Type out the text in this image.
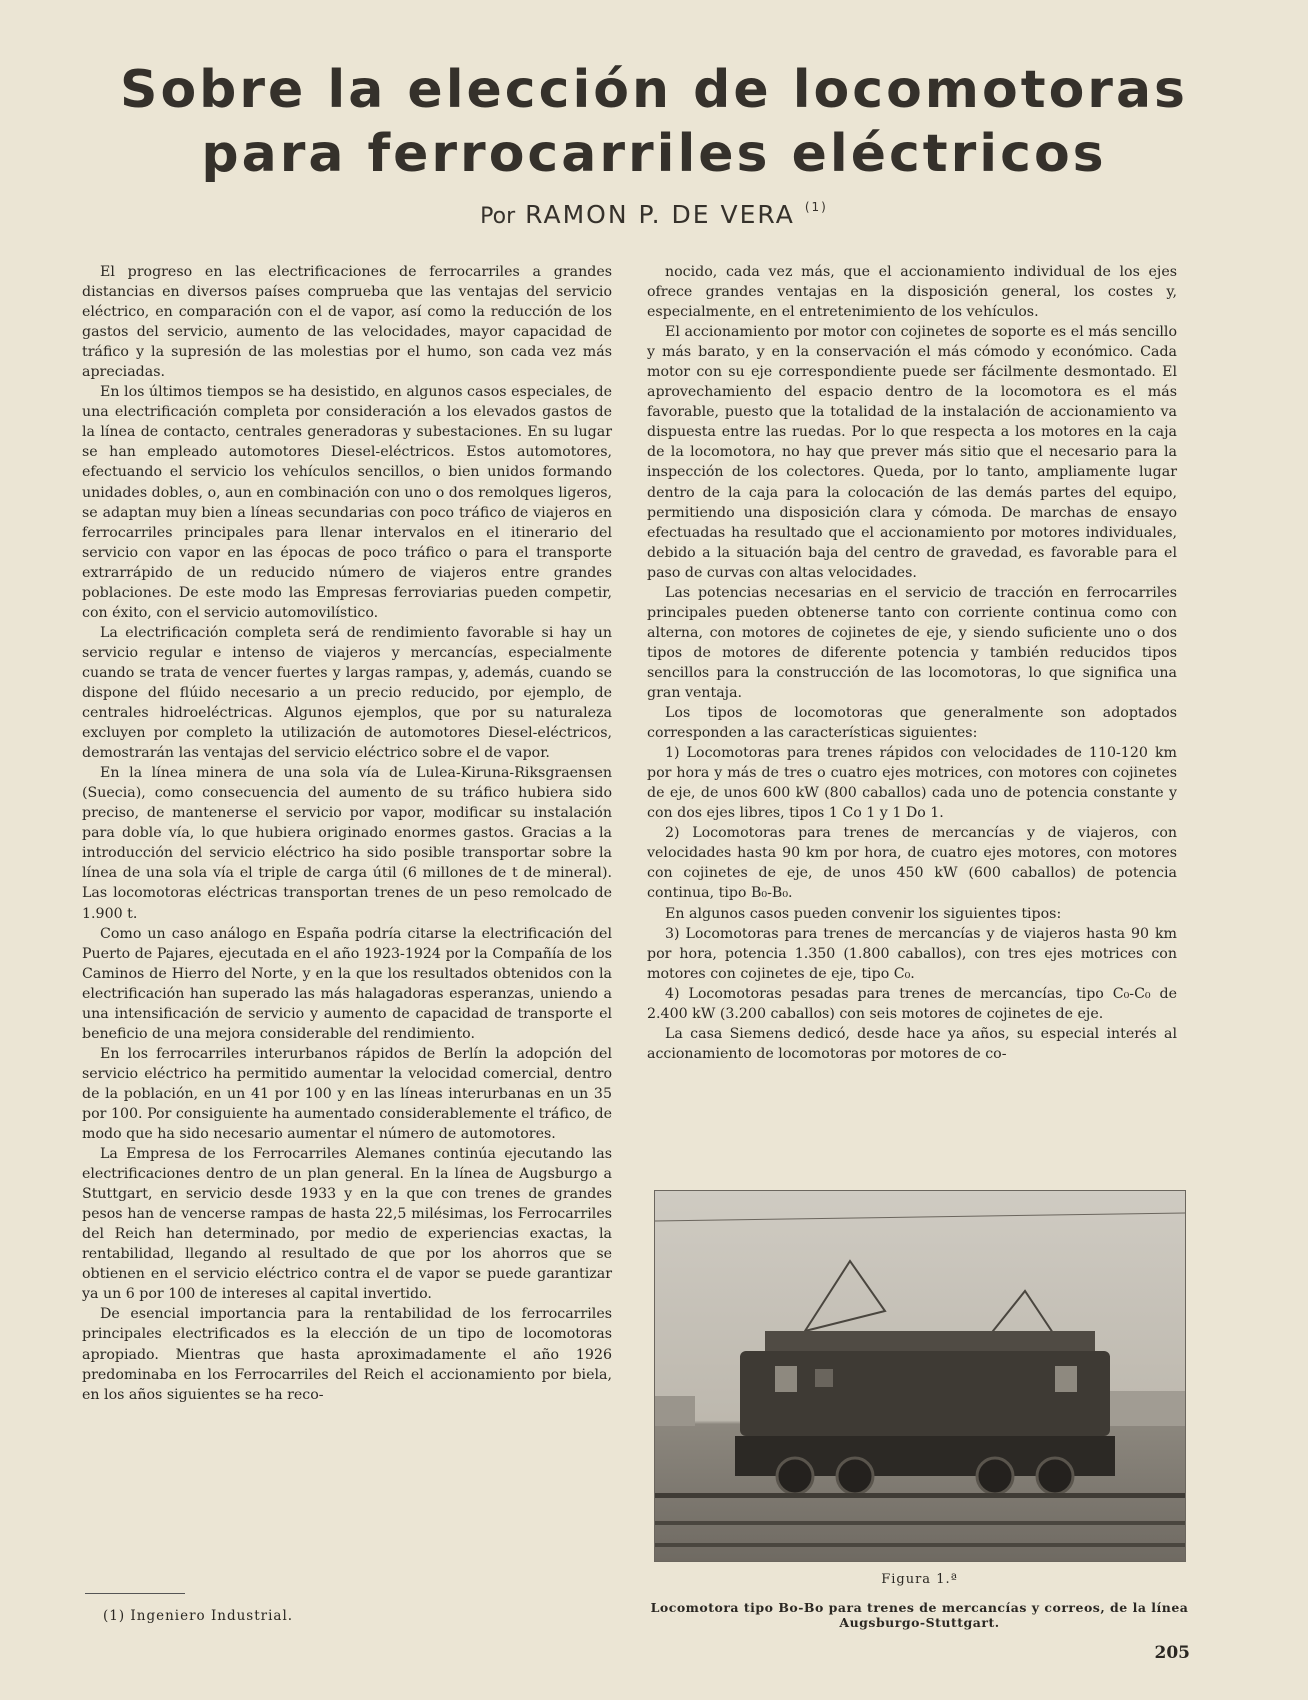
Sobre la elección de locomotoras para ferrocarriles eléctricos
Por RAMON P. DE VERA $^{(1)}$

El progreso en las electrificaciones de ferrocarriles a grandes distancias en diversos países comprueba que las ventajas del servicio eléctrico, en comparación con el de vapor, así como la reducción de los gastos del servicio, aumento de las velocidades, mayor capacidad de tráfico y la supresión de las molestias por el humo, son cada vez más apreciadas.

En los últimos tiempos se ha desistido, en algunos casos especiales, de una electrificación completa por consideración a los elevados gastos de la línea de contacto, centrales generadoras y subestaciones. En su lugar se han empleado automotores Diesel-eléctricos. Estos automotores, efectuando el servicio los vehículos sencillos, o bien unidos formando unidades dobles, o, aun en combinación con uno o dos remolques ligeros, se adaptan muy bien a líneas secundarias con poco tráfico de viajeros en ferrocarriles principales para llenar intervalos en el itinerario del servicio con vapor en las épocas de poco tráfico o para el transporte extrarrápido de un reducido número de viajeros entre grandes poblaciones. De este modo las Empresas ferroviarias pueden competir, con éxito, con el servicio automovilístico.

La electrificación completa será de rendimiento favorable si hay un servicio regular e intenso de viajeros y mercancías, especialmente cuando se trata de vencer fuertes y largas rampas, y, además, cuando se dispone del flúido necesario a un precio reducido, por ejemplo, de centrales hidroeléctricas. Algunos ejemplos, que por su naturaleza excluyen por completo la utilización de automotores Diesel-eléctricos, demostrarán las ventajas del servicio eléctrico sobre el de vapor.

En la línea minera de una sola vía de Lulea-Kiruna-Riksgraensen (Suecia), como consecuencia del aumento de su tráfico hubiera sido preciso, de mantenerse el servicio por vapor, modificar su instalación para doble vía, lo que hubiera originado enormes gastos. Gracias a la introducción del servicio eléctrico ha sido posible transportar sobre la línea de una sola vía el triple de carga útil (6 millones de t de mineral). Las locomotoras eléctricas transportan trenes de un peso remolcado de 1.900 t.

Como un caso análogo en España podría citarse la electrificación del Puerto de Pajares, ejecutada en el año 1923-1924 por la Compañía de los Caminos de Hierro del Norte, y en la que los resultados obtenidos con la electrificación han superado las más halagadoras esperanzas, uniendo a una intensificación de servicio y aumento de capacidad de transporte el beneficio de una mejora considerable del rendimiento.

En los ferrocarriles interurbanos rápidos de Berlín la adopción del servicio eléctrico ha permitido aumentar la velocidad comercial, dentro de la población, en un 41 por 100 y en las líneas interurbanas en un 35 por 100. Por consiguiente ha aumentado considerablemente el tráfico, de modo que ha sido necesario aumentar el número de automotores.

La Empresa de los Ferrocarriles Alemanes continúa ejecutando las electrificaciones dentro de un plan general. En la línea de Augsburgo a Stuttgart, en servicio desde 1933 y en la que con trenes de grandes pesos han de vencerse rampas de hasta 22,5 milésimas, los Ferrocarriles del Reich han determinado, por medio de experiencias exactas, la rentabilidad, llegando al resultado de que por los ahorros que se obtienen en el servicio eléctrico contra el de vapor se puede garantizar ya un 6 por 100 de intereses al capital invertido.

De esencial importancia para la rentabilidad de los ferrocarriles principales electrificados es la elección de un tipo de locomotoras apropiado. Mientras que hasta aproximadamente el año 1926 predominaba en los Ferrocarriles del Reich el accionamiento por biela, en los años siguientes se ha reco-

nocido, cada vez más, que el accionamiento individual de los ejes ofrece grandes ventajas en la disposición general, los costes y, especialmente, en el entretenimiento de los vehículos.

El accionamiento por motor con cojinetes de soporte es el más sencillo y más barato, y en la conservación el más cómodo y económico. Cada motor con su eje correspondiente puede ser fácilmente desmontado. El aprovechamiento del espacio dentro de la locomotora es el más favorable, puesto que la totalidad de la instalación de accionamiento va dispuesta entre las ruedas. Por lo que respecta a los motores en la caja de la locomotora, no hay que prever más sitio que el necesario para la inspección de los colectores. Queda, por lo tanto, ampliamente lugar dentro de la caja para la colocación de las demás partes del equipo, permitiendo una disposición clara y cómoda. De marchas de ensayo efectuadas ha resultado que el accionamiento por motores individuales, debido a la situación baja del centro de gravedad, es favorable para el paso de curvas con altas velocidades.

Las potencias necesarias en el servicio de tracción en ferrocarriles principales pueden obtenerse tanto con corriente continua como con alterna, con motores de cojinetes de eje, y siendo suficiente uno o dos tipos de motores de diferente potencia y también reducidos tipos sencillos para la construcción de las locomotoras, lo que significa una gran ventaja.

Los tipos de locomotoras que generalmente son adoptados corresponden a las características siguientes:

1) Locomotoras para trenes rápidos con velocidades de 110-120 km por hora y más de tres o cuatro ejes motrices, con motores con cojinetes de eje, de unos 600 kW (800 caballos) cada uno de potencia constante y con dos ejes libres, tipos 1 Co 1 y 1 Do 1.

2) Locomotoras para trenes de mercancías y de viajeros, con velocidades hasta 90 km por hora, de cuatro ejes motores, con motores con cojinetes de eje, de unos 450 kW (600 caballos) de potencia continua, tipo B₀-B₀.

En algunos casos pueden convenir los siguientes tipos:

3) Locomotoras para trenes de mercancías y de viajeros hasta 90 km por hora, potencia 1.350 (1.800 caballos), con tres ejes motrices con motores con cojinetes de eje, tipo C₀.

4) Locomotoras pesadas para trenes de mercancías, tipo C₀-C₀ de 2.400 kW (3.200 caballos) con seis motores de cojinetes de eje.

La casa Siemens dedicó, desde hace ya años, su especial interés al accionamiento de locomotoras por motores de co-

(1) Ingeniero Industrial.
Figura 1.ª
Locomotora tipo Bo-Bo para trenes de mercancías y correos, de la línea Augsburgo-Stuttgart.
205
